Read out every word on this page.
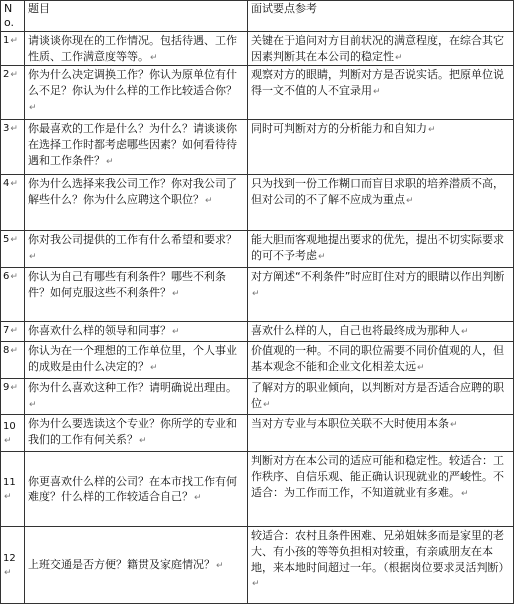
No.	题目	面试要点参考
1↵	请谈谈你现在的工作情况。包括待遇、工作性质、工作满意度等等。↵	关键在于追问对方目前状况的满意程度，在综合其它因素判断其在本公司的稳定性↵
2↵	你为什么决定调换工作？你认为原单位有什么不足？你认为什么样的工作比较适合你？↵	观察对方的眼睛，判断对方是否说实话。把原单位说得一文不值的人不宜录用↵
3↵	你最喜欢的工作是什么？为什么？请谈谈你在选择工作时都考虑哪些因素？如何看待待遇和工作条件？↵	同时可判断对方的分析能力和自知力↵
4↵	你为什么选择来我公司工作？你对我公司了解些什么？你为什么应聘这个职位？↵	只为找到一份工作糊口而盲目求职的培养潜质不高，但对公司的不了解不应成为重点↵
5↵	你对我公司提供的工作有什么希望和要求？↵	能大胆而客观地提出要求的优先，提出不切实际要求的可不予考虑↵
6↵	你认为自己有哪些有利条件？哪些不利条件？如何克服这些不利条件？↵	对方阐述“不利条件”时应盯住对方的眼睛以作出判断↵
7↵	你喜欢什么样的领导和同事？↵	喜欢什么样的人，自己也将最终成为那种人↵
8↵	你认为在一个理想的工作单位里，个人事业的成败是由什么决定的？↵	价值观的一种。不同的职位需要不同价值观的人，但基本观念不能和企业文化相差太远↵
9↵	你为什么喜欢这种工作？请明确说出理由。↵	了解对方的职业倾向，以判断对方是否适合应聘的职位↵
10↵	你为什么要选读这个专业？你所学的专业和我们的工作有何关系？↵	当对方专业与本职位关联不大时使用本条↵
11↵	你更喜欢什么样的公司？在本市找工作有何难度？什么样的工作较适合自己？↵	判断对方在本公司的适应可能和稳定性。较适合：工作秩序、自信乐观、能正确认识现就业的严峻性。不适合：为工作而工作，不知道就业有多难。↵
12↵	上班交通是否方便？籍贯及家庭情况？↵	较适合：农村且条件困难、兄弟姐妹多而是家里的老大、有小孩的等等负担相对较重，有亲戚朋友在本地，来本地时间超过一年。（根据岗位要求灵活判断）↵
